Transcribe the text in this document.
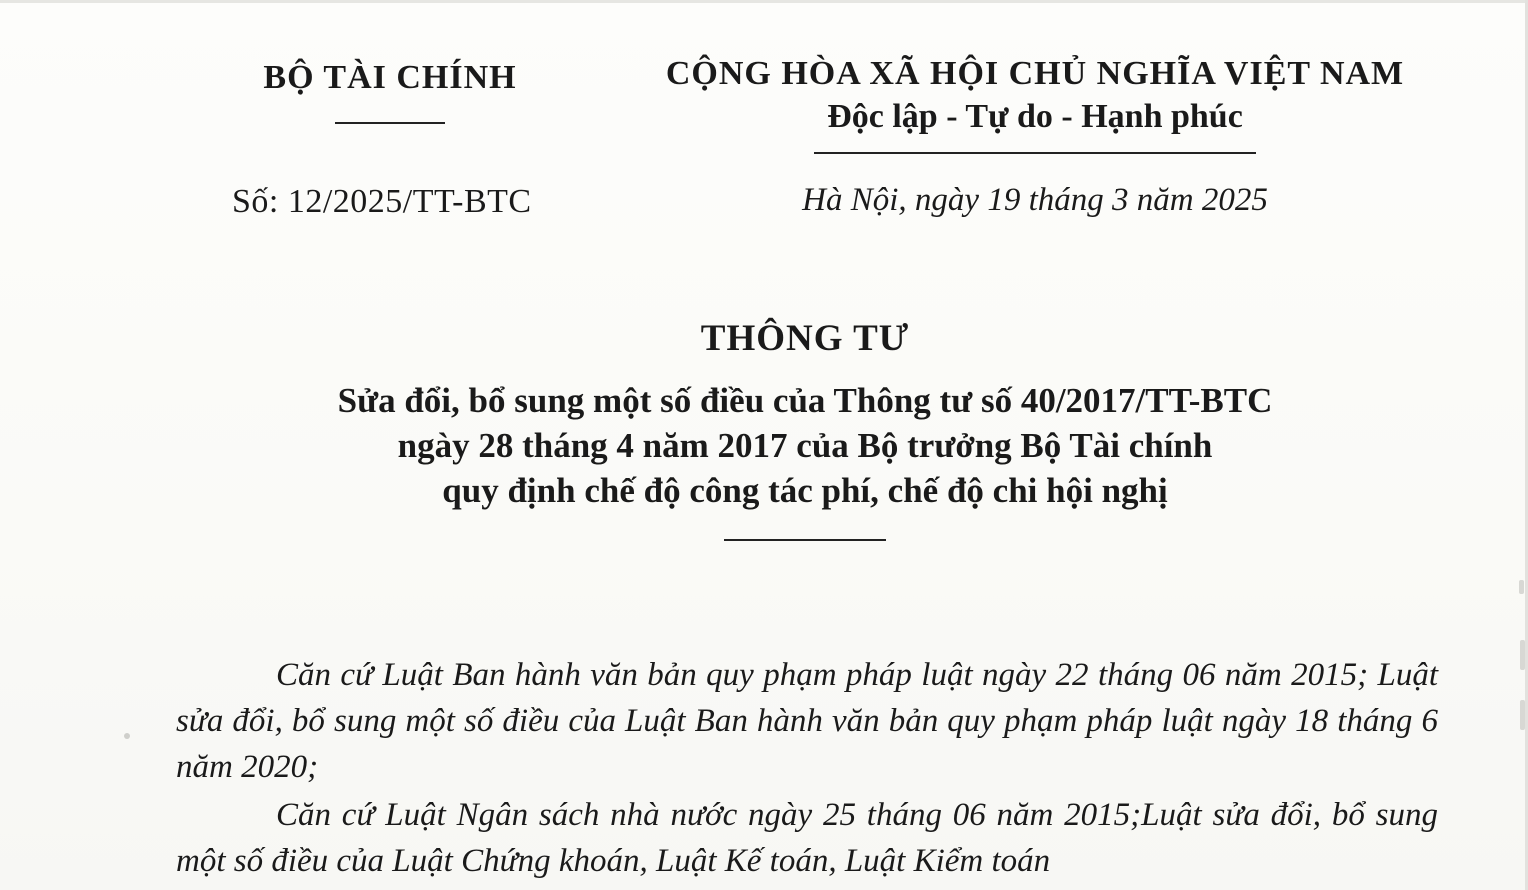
BỘ TÀI CHÍNH
Số: 12/2025/TT-BTC
CỘNG HÒA XÃ HỘI CHỦ NGHĨA VIỆT NAM
Độc lập - Tự do - Hạnh phúc
Hà Nội, ngày 19 tháng 3 năm 2025
THÔNG TƯ
Sửa đổi, bổ sung một số điều của Thông tư số 40/2017/TT-BTC
ngày 28 tháng 4 năm 2017 của Bộ trưởng Bộ Tài chính
quy định chế độ công tác phí, chế độ chi hội nghị

Căn cứ Luật Ban hành văn bản quy phạm pháp luật ngày 22 tháng 06 năm 2015; Luật sửa đổi, bổ sung một số điều của Luật Ban hành văn bản quy phạm pháp luật ngày 18 tháng 6 năm 2020;

Căn cứ Luật Ngân sách nhà nước ngày 25 tháng 06 năm 2015;Luật sửa đổi, bổ sung một số điều của Luật Chứng khoán, Luật Kế toán, Luật Kiểm toán
